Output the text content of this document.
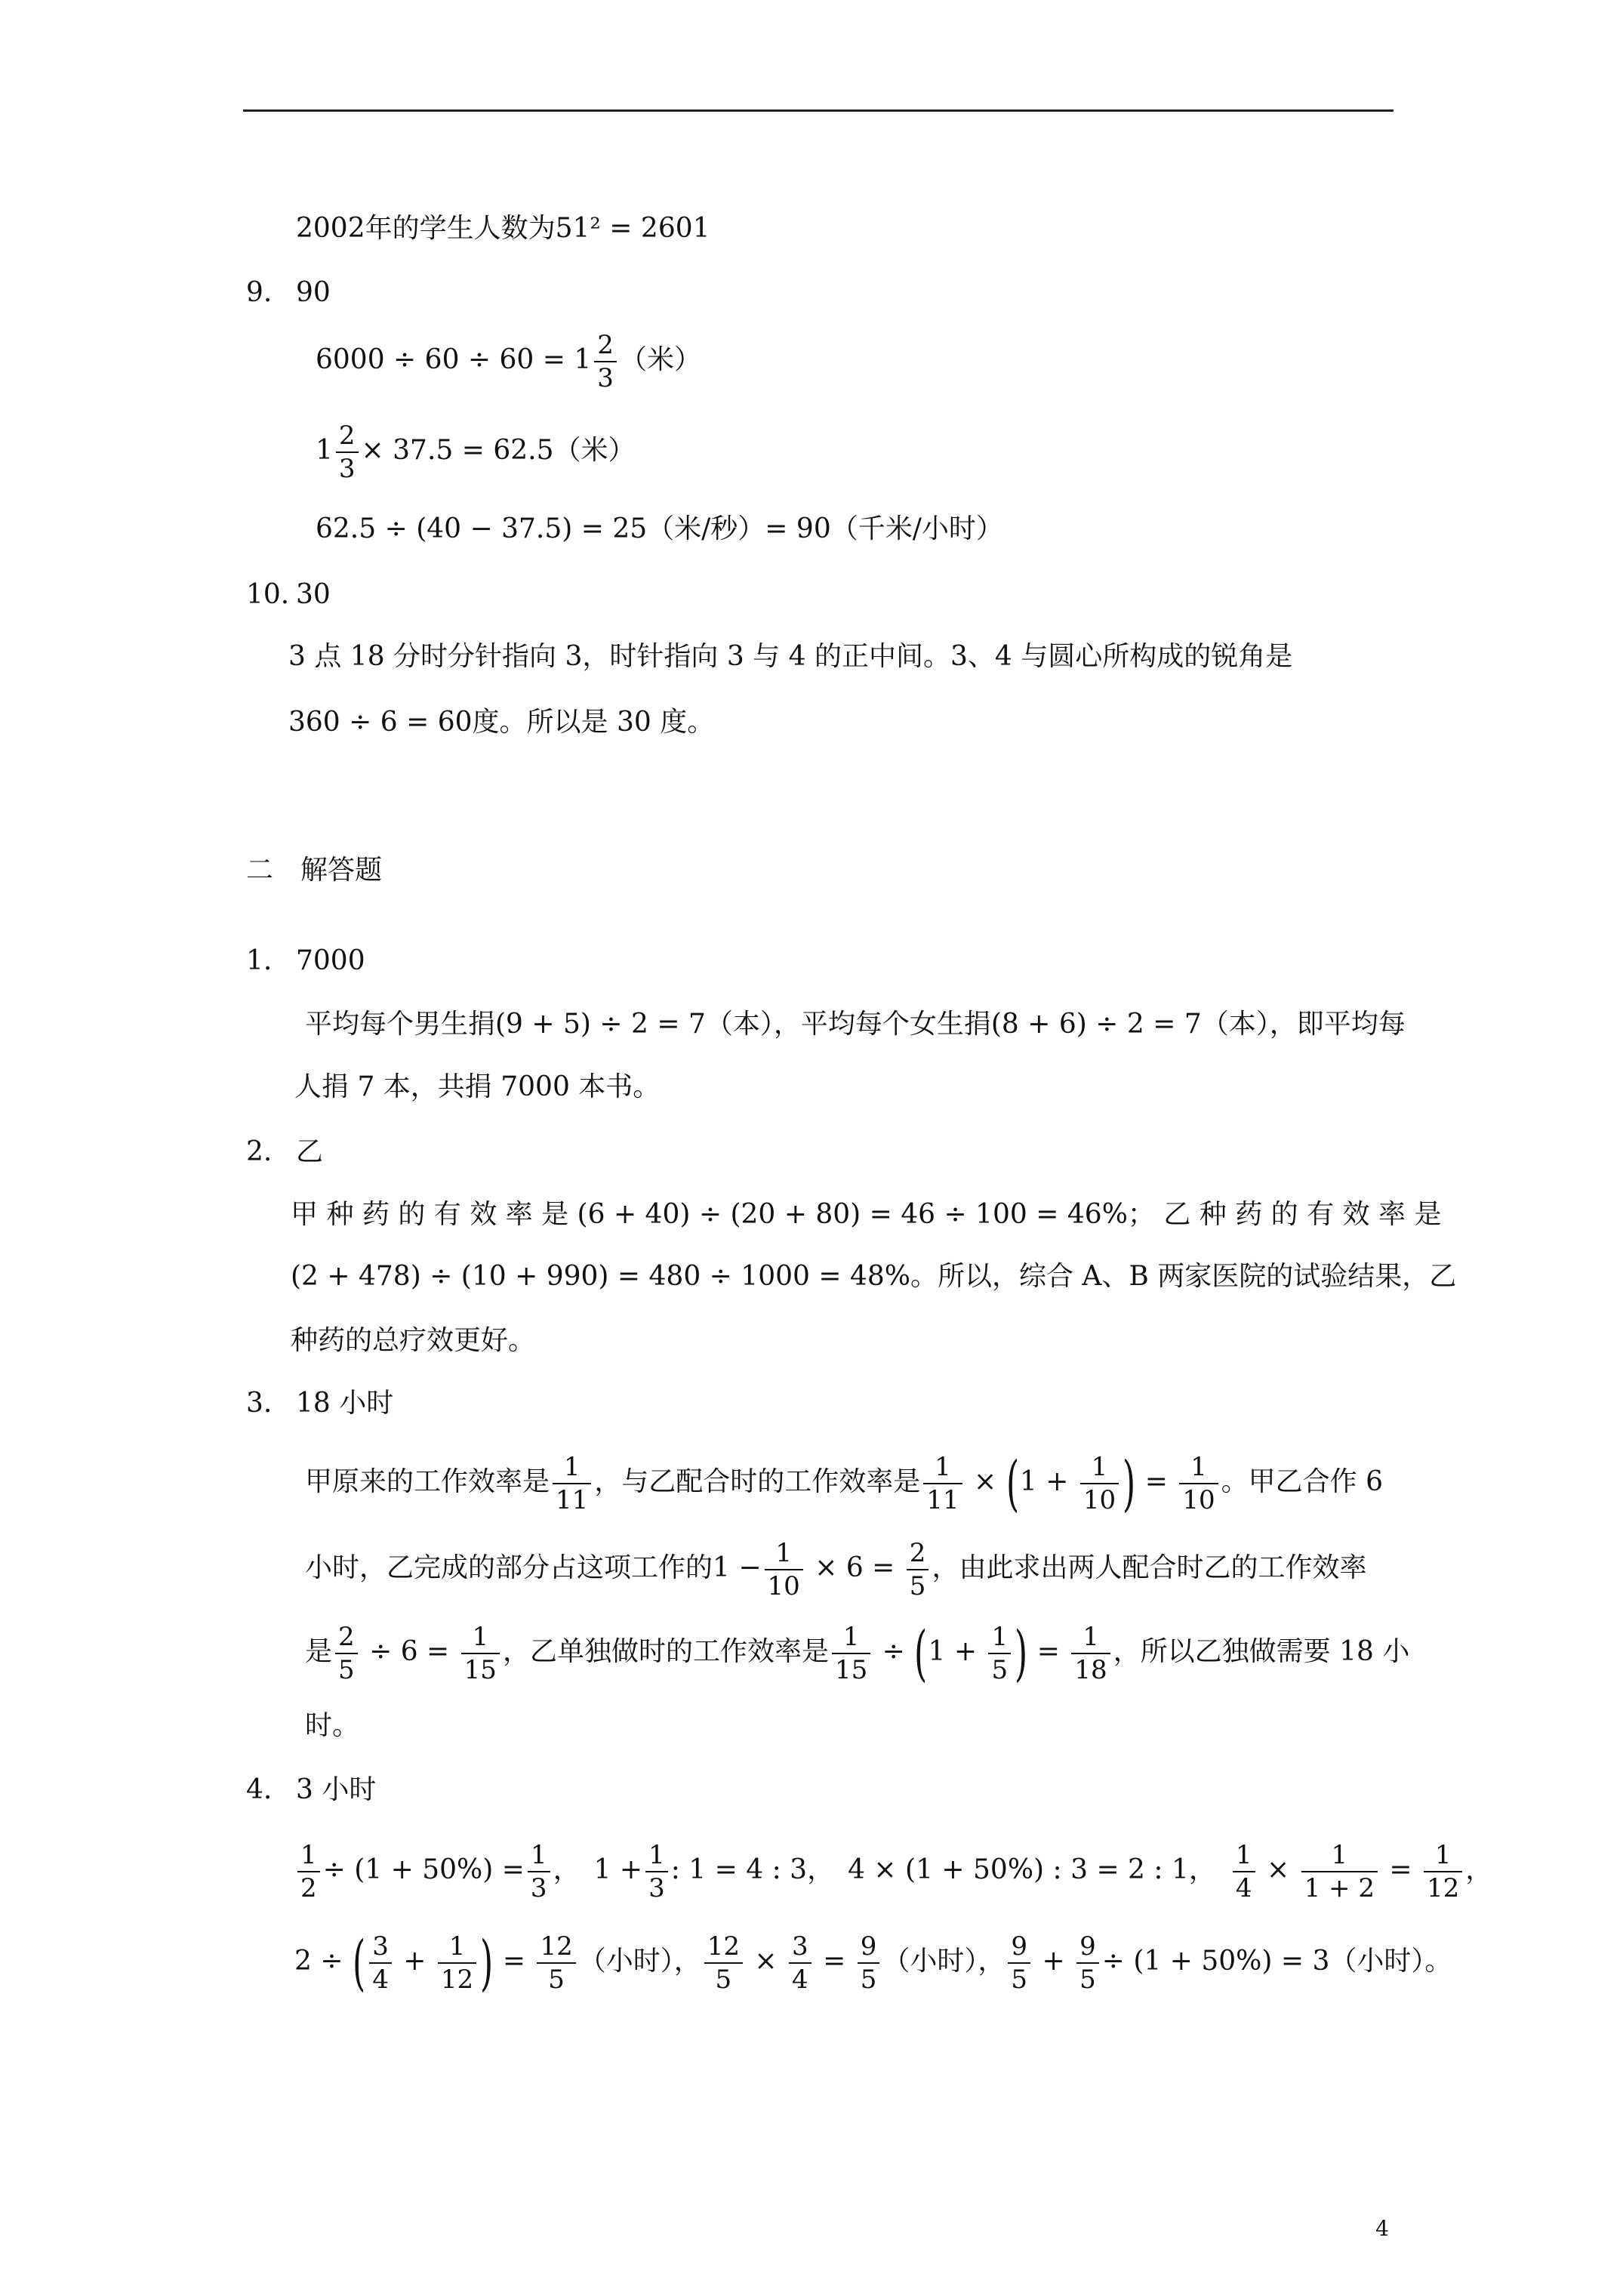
2002年的学生人数为51² = 2601
9. 90
$6000 \div 60 \div 60 = 1 \frac{2}{3}$ （米）
$1 \frac{2}{3} \times 37.5 = 62.5$（米）
62.5 ÷ (40 − 37.5) = 25（米/秒）= 90（千米/小时）
10. 30
3 点 18 分时分针指向 3，时针指向 3 与 4 的正中间。3、4 与圆心所构成的锐角是
360 ÷ 6 = 60度。所以是 30 度。
二　解答题
1. 7000
平均每个男生捐(9 + 5) ÷ 2 = 7（本），平均每个女生捐(8 + 6) ÷ 2 = 7（本），即平均每
人捐 7 本，共捐 7000 本书。
2. 乙
甲 种 药 的 有 效 率 是 (6 + 40) ÷ (20 + 80) = 46 ÷ 100 = 46%； 乙 种 药 的 有 效 率 是
(2 + 478) ÷ (10 + 990) = 480 ÷ 1000 = 48%。所以，综合 A、B 两家医院的试验结果，乙
种药的总疗效更好。
3. 18 小时
甲原来的工作效率是 $\frac{1}{11}$ ，与乙配合时的工作效率是 $\frac{1}{11} \times (1 + \frac{1}{10}$ ) = $\frac{1}{10}$ 。甲乙合作 6
小时，乙完成的部分占这项工作的$1 - \frac{1}{10} \times 6 = \frac{2}{5}$ ，由此求出两人配合时乙的工作效率
是 $\frac{2}{5} \div 6 = \frac{1}{15}$ ，乙单独做时的工作效率是 $\frac{1}{15} \div (1 + \frac{1}{5}$ ) = $\frac{1}{18}$ ，所以乙独做需要 18 小
时。
4. 3 小时
$\frac{1}{2} \div (1 + 50\%) = \frac{1}{3}$ ，　$1 + \frac{1}{3}$ : 1 = 4 : 3，　4 × (1 + 50%) : 3 = 2 : 1，　 $\frac{1}{4} \times \frac{1}{1 + 2} = \frac{1}{12}$ ，
2 ÷ ( $\frac{3}{4} + \frac{1}{12}$ ) = $\frac{12}{5}$ （小时）， $\frac{12}{5} \times \frac{3}{4} = \frac{9}{5}$ （小时）， $\frac{9}{5} + \frac{9}{5} \div (1 + 50\%) = 3$（小时）。
4
